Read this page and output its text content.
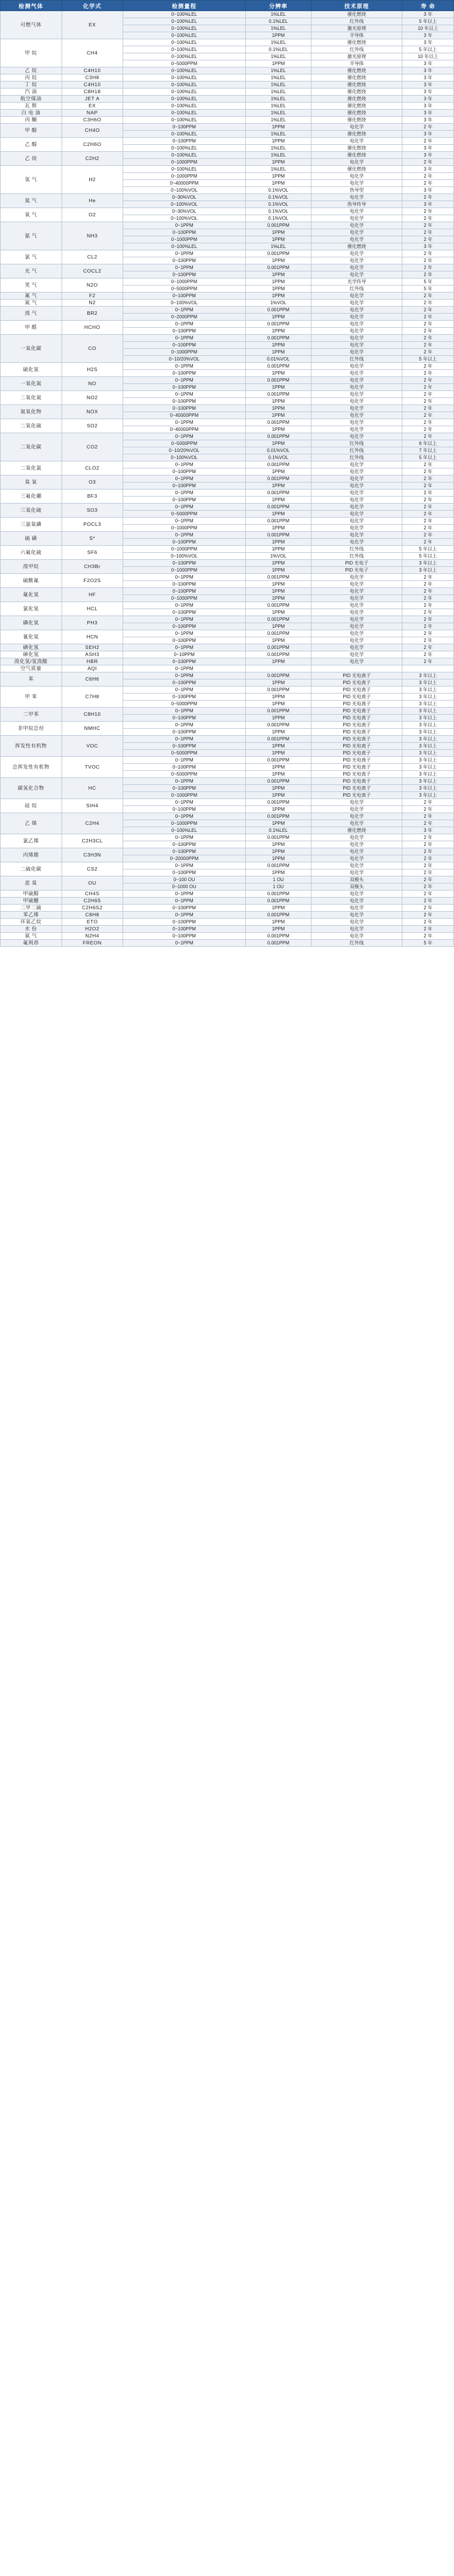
检测气体	化学式	检测量程	分辨率	技术原理	寿 命
可燃气体	EX	0~100%LEL	1%LEL	催化燃烧	3 年
		0~100%LEL	0.1%LEL	红外线	5 年以上
		0~100%LEL	1%LEL	激光原理	10 年以上
		0~100%LEL	1PPM	半导体	3 年
甲 烷	CH4	0~100%LEL	1%LEL	催化燃烧	3 年
		0~100%LEL	0.1%LEL	红外线	5 年以上
		0~100%LEL	1%LEL	激光原理	10 年以上
		0~5000PPM	1PPM	半导体	3 年
乙 烷	C4H10	0~100%LEL	1%LEL	催化燃烧	3 年
丙 烷	C3H8	0~100%LEL	1%LEL	催化燃烧	3 年
丁 烷	C4H10	0~100%LEL	1%LEL	催化燃烧	3 年
汽 油	C8H18	0~100%LEL	1%LEL	催化燃烧	3 年
航空煤油	JET A	0~100%LEL	1%LEL	催化燃烧	3 年
瓦 斯	EX	0~100%LEL	1%LEL	催化燃烧	3 年
白 电 油	NAP	0~100%LEL	1%LEL	催化燃烧	3 年
丙 酮	C3H6O	0~100%LEL	1%LEL	催化燃烧	3 年
甲 醇	CH4O	0~100PPM	1PPM	电化学	2 年
		0~100%LEL	1%LEL	催化燃烧	3 年
乙 醇	C2H6O	0~100PPM	1PPM	电化学	2 年
		0~100%LEL	1%LEL	催化燃烧	3 年
乙 炔	C2H2	0~100%LEL	1%LEL	催化燃烧	3 年
		0~1000PPM	1PPM	电化学	2 年
氢 气	H2	0~100%LEL	1%LEL	催化燃烧	3 年
		0~1000PPM	1PPM	电化学	2 年
		0~40000PPM	1PPM	电化学	2 年
		0~100%VOL	0.1%VOL	热导型	3 年
氦 气	He	0~30%VOL	0.1%VOL	电化学	2 年
		0~100%VOL	0.1%VOL	热导传导	3 年
氧 气	O2	0~30%VOL	0.1%VOL	电化学	2 年
		0~100%VOL	0.1%VOL	电化学	2 年
氨 气	NH3	0~1PPM	0.001PPM	电化学	2 年
		0~100PPM	1PPM	电化学	2 年
		0~1000PPM	1PPM	电化学	2 年
		0~100%LEL	1%LEL	催化燃烧	3 年
氯 气	CL2	0~1PPM	0.001PPM	电化学	2 年
		0~100PPM	1PPM	电化学	2 年
光 气	COCL2	0~1PPM	0.001PPM	电化学	2 年
		0~100PPM	1PPM	电化学	2 年
笑 气	N2O	0~1000PPM	1PPM	光学传导	5 年
		0~5000PPM	1PPM	红外线	5 年
氟 气	F2	0~100PPM	1PPM	电化学	2 年
氮 气	N2	0~100%VOL	1%VOL	电化学	2 年
溴 气	BR2	0~1PPM	0.001PPM	电化学	2 年
		0~2000PPM	1PPM	电化学	2 年
甲 醛	HCHO	0~1PPM	0.001PPM	电化学	2 年
		0~100PPM	1PPM	电化学	2 年
一氧化碳	CO	0~1PPM	0.001PPM	电化学	2 年
		0~100PPM	1PPM	电化学	2 年
		0~1000PPM	1PPM	电化学	2 年
		0~10/20%VOL	0.01%VOL	红外线	5 年以上
硫化氢	H2S	0~1PPM	0.001PPM	电化学	2 年
		0~100PPM	1PPM	电化学	2 年
一氧化氮	NO	0~1PPM	0.001PPM	电化学	2 年
		0~100PPM	1PPM	电化学	2 年
二氧化氮	NO2	0~1PPM	0.001PPM	电化学	2 年
		0~100PPM	1PPM	电化学	2 年
氮氧化物	NOX	0~100PPM	1PPM	电化学	2 年
		0~40000PPM	1PPM	电化学	2 年
二氧化硫	SO2	0~1PPM	0.001PPM	电化学	2 年
		0~40000PPM	1PPM	电化学	2 年
二氧化碳	CO2	0~1PPM	0.001PPM	电化学	2 年
		0~5000PPM	1PPM	红外线	6 年以上
		0~10/20%VOL	0.01%VOL	红外线	7 年以上
		0~100%VOL	0.1%VOL	红外线	5 年以上
二氧化氯	CLO2	0~1PPM	0.001PPM	电化学	2 年
		0~100PPM	1PPM	电化学	2 年
臭 氧	O3	0~1PPM	0.001PPM	电化学	2 年
		0~100PPM	1PPM	电化学	2 年
三氟化硼	BF3	0~1PPM	0.001PPM	电化学	2 年
		0~100PPM	1PPM	电化学	2 年
三氧化硫	SO3	0~1PPM	0.001PPM	电化学	2 年
		0~5000PPM	1PPM	电化学	2 年
三氯氧磷	POCL3	0~1PPM	0.001PPM	电化学	2 年
		0~1000PPM	1PPM	电化学	2 年
硫 磺	S*	0~1PPM	0.001PPM	电化学	2 年
		0~100PPM	1PPM	电化学	2 年
六氟化硫	SF6	0~1000PPM	1PPM	红外线	5 年以上
		0~100%VOL	1%VOL	红外线	5 年以上
溴甲烷	CH3Br	0~100PPM	1PPM	PID 光电子	3 年以上
		0~1000PPM	1PPM	PID 光电子	3 年以上
硫酰氟	F2O2S	0~1PPM	0.001PPM	电化学	2 年
		0~100PPM	1PPM	电化学	2 年
氟化氢	HF	0~100PPM	1PPM	电化学	2 年
		0~1000PPM	1PPM	电化学	2 年
氯化氢	HCL	0~1PPM	0.001PPM	电化学	2 年
		0~100PPM	1PPM	电化学	2 年
磷化氢	PH3	0~1PPM	0.001PPM	电化学	2 年
		0~100PPM	1PPM	电化学	2 年
氰化氢	HCN	0~1PPM	0.001PPM	电化学	2 年
		0~100PPM	1PPM	电化学	2 年
硒化氢	SEH2	0~1PPM	0.001PPM	电化学	2 年
砷化氢	ASH3	0~10PPM	0.001PPM	电化学	2 年
溴化氢/氢溴酸	HBR	0~100PPM	1PPM	电化学	2 年
空气质量	AQI	0~1PPM			
苯	C6H6	0~1PPM	0.001PPM	PID 光电离子	3 年以上
		0~100PPM	1PPM	PID 光电离子	3 年以上
甲 苯	C7H8	0~1PPM	0.001PPM	PID 光电离子	3 年以上
		0~100PPM	1PPM	PID 光电离子	3 年以上
		0~5000PPM	1PPM	PID 光电离子	3 年以上
二甲苯	C8H10	0~1PPM	0.001PPM	PID 光电离子	3 年以上
		0~100PPM	1PPM	PID 光电离子	3 年以上
非甲烷总烃	NMHC	0~1PPM	0.001PPM	PID 光电离子	3 年以上
		0~100PPM	1PPM	PID 光电离子	3 年以上
挥发性有机物	VOC	0~1PPM	0.001PPM	PID 光电离子	3 年以上
		0~100PPM	1PPM	PID 光电离子	3 年以上
		0~5000PPM	1PPM	PID 光电离子	3 年以上
总挥发性有机物	TVOC	0~1PPM	0.001PPM	PID 光电离子	3 年以上
		0~100PPM	1PPM	PID 光电离子	3 年以上
		0~5000PPM	1PPM	PID 光电离子	3 年以上
碳氢化合物	HC	0~1PPM	0.001PPM	PID 光电离子	3 年以上
		0~100PPM	1PPM	PID 光电离子	3 年以上
		0~1000PPM	1PPM	PID 光电离子	3 年以上
硅 烷	SIH4	0~1PPM	0.001PPM	电化学	2 年
		0~100PPM	1PPM	电化学	2 年
乙 烯	C2H4	0~1PPM	0.001PPM	电化学	2 年
		0~1000PPM	1PPM	电化学	2 年
		0~100%LEL	0.1%LEL	催化燃烧	3 年
氯乙烯	C2H3CL	0~1PPM	0.001PPM	电化学	2 年
		0~100PPM	1PPM	电化学	2 年
丙烯腈	C3H3N	0~100PPM	1PPM	电化学	2 年
		0~20000PPM	1PPM	电化学	2 年
二硫化碳	CS2	0~1PPM	0.001PPM	电化学	2 年
		0~100PPM	1PPM	电化学	2 年
恶 臭	OU	0~100 OU	1 OU	双极头	2 年
		0~1000 OU	1 OU	双极头	2 年
甲硫醇	CH4S	0~1PPM	0.001PPM	电化学	2 年
甲硫醚	C2H6S	0~1PPM	0.001PPM	电化学	2 年
二甲二硫	C2H6S2	0~100PPM	1PPM	电化学	2 年
苯乙烯	C8H8	0~1PPM	0.001PPM	电化学	2 年
环氧乙烷	ETO	0~100PPM	1PPM	电化学	2 年
水 份	H2O2	0~100PPM	1PPM	电化学	2 年
氮 气	N2H4	0~100PPM	0.001PPM	电化学	2 年
氟利昂	FREON	0~1PPM	0.001PPM	红外线	5 年
